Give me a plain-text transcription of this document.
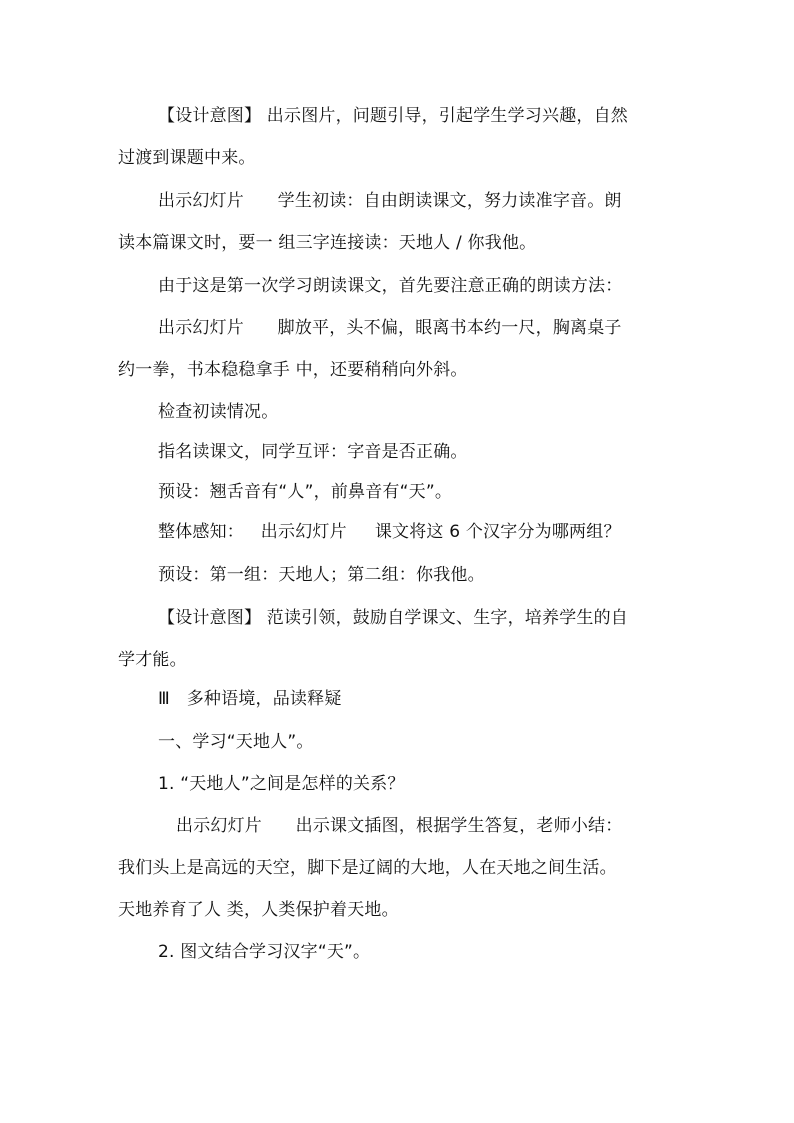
【设计意图】 出示图片，问题引导，引起学生学习兴趣，自然
过渡到课题中来。
出示幻灯片      学生初读：自由朗读课文，努力读准字音。朗
读本篇课文时，要一 组三字连接读：天地人 / 你我他。
由于这是第一次学习朗读课文，首先要注意正确的朗读方法：
出示幻灯片      脚放平，头不偏，眼离书本约一尺，胸离桌子
约一拳，书本稳稳拿手 中，还要稍稍向外斜。
检查初读情况。
指名读课文，同学互评：字音是否正确。
预设：翘舌音有“人”，前鼻音有“天”。
整体感知：   出示幻灯片     课文将这 6 个汉字分为哪两组？
预设：第一组：天地人；第二组：你我他。
【设计意图】 范读引领，鼓励自学课文、生字，培养学生的自
学才能。
Ⅲ   多种语境，品读释疑
一、学习“天地人”。
1. “天地人”之间是怎样的关系？
出示幻灯片      出示课文插图，根据学生答复，老师小结：
我们头上是高远的天空，脚下是辽阔的大地，人在天地之间生活。
天地养育了人 类，人类保护着天地。
2. 图文结合学习汉字“天”。
